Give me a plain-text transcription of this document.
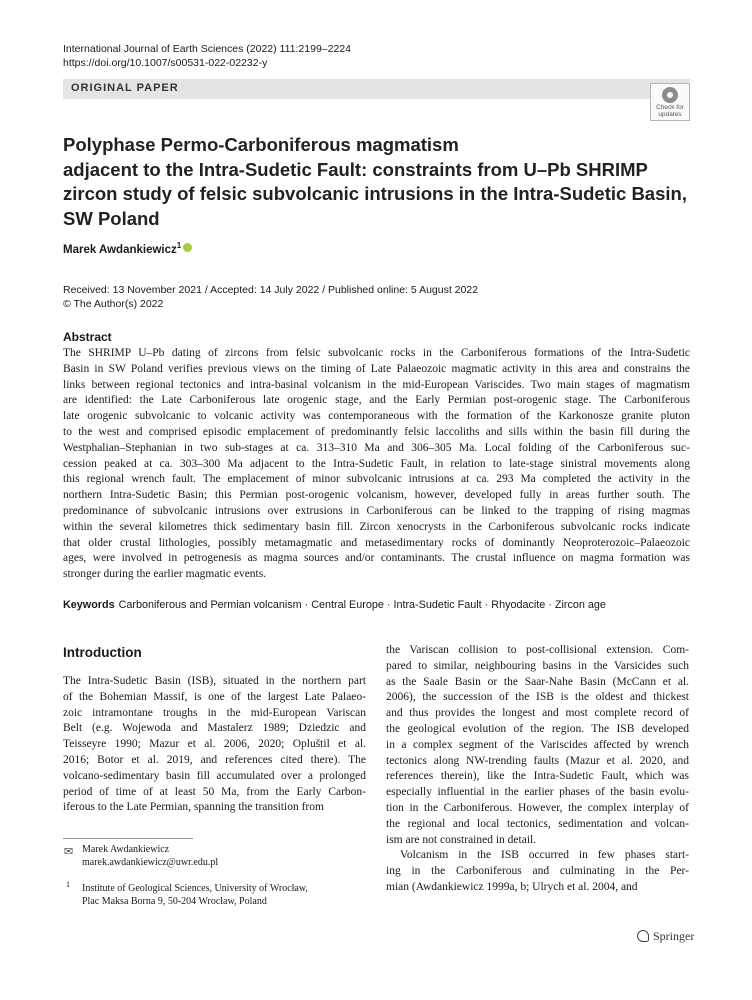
International Journal of Earth Sciences (2022) 111:2199–2224
https://doi.org/10.1007/s00531-022-02232-y
ORIGINAL PAPER
Check for
updates
Polyphase Permo-Carboniferous magmatism
adjacent to the Intra-Sudetic Fault: constraints from U–Pb SHRIMP
zircon study of felsic subvolcanic intrusions in the Intra-Sudetic Basin,
SW Poland
Marek Awdankiewicz$^1$
Received: 13 November 2021 / Accepted: 14 July 2022 / Published online: 5 August 2022
© The Author(s) 2022
Abstract
The SHRIMP U–Pb dating of zircons from felsic subvolcanic rocks in the Carboniferous formations of the Intra-Sudetic
Basin in SW Poland verifies previous views on the timing of Late Palaeozoic magmatic activity in this area and constrains the
links between regional tectonics and intra-basinal volcanism in the mid-European Variscides. Two main stages of magmatism
are identified: the Late Carboniferous late orogenic stage, and the Early Permian post-orogenic stage. The Carboniferous
late orogenic subvolcanic to volcanic activity was contemporaneous with the formation of the Karkonosze granite pluton
to the west and comprised episodic emplacement of predominantly felsic laccoliths and sills within the basin fill during the
Westphalian–Stephanian in two sub-stages at ca. 313–310 Ma and 306–305 Ma. Local folding of the Carboniferous suc-
cession peaked at ca. 303–300 Ma adjacent to the Intra-Sudetic Fault, in relation to late-stage sinistral movements along
this regional wrench fault. The emplacement of minor subvolcanic intrusions at ca. 293 Ma completed the activity in the
northern Intra-Sudetic Basin; this Permian post-orogenic volcanism, however, developed fully in areas further south. The
predominance of subvolcanic intrusions over extrusions in Carboniferous can be linked to the trapping of rising magmas
within the several kilometres thick sedimentary basin fill. Zircon xenocrysts in the Carboniferous subvolcanic rocks indicate
that older crustal lithologies, possibly metamagmatic and metasedimentary rocks of dominantly Neoproterozoic–Palaeozoic
ages, were involved in petrogenesis as magma sources and/or contaminants. The crustal influence on magma formation was
stronger during the earlier magmatic events.
Keywords Carboniferous and Permian volcanism · Central Europe · Intra-Sudetic Fault · Rhyodacite · Zircon age
Introduction
The Intra-Sudetic Basin (ISB), situated in the northern part
of the Bohemian Massif, is one of the largest Late Palaeo-
zoic intramontane troughs in the mid-European Variscan
Belt (e.g. Wojewoda and Mastalerz 1989; Dziedzic and
Teisseyre 1990; Mazur et al. 2006, 2020; Opluštil et al.
2016; Botor et al. 2019, and references cited there). The
volcano-sedimentary basin fill accumulated over a prolonged
period of time of at least 50 Ma, from the Early Carbon-
iferous to the Late Permian, spanning the transition from
the Variscan collision to post-collisional extension. Com-
pared to similar, neighbouring basins in the Varsicides such
as the Saale Basin or the Saar-Nahe Basin (McCann et al.
2006), the succession of the ISB is the oldest and thickest
and thus provides the longest and most complete record of
the geological evolution of the region. The ISB developed
in a complex segment of the Variscides affected by wrench
tectonics along NW-trending faults (Mazur et al. 2020, and
references therein), like the Intra-Sudetic Fault, which was
especially influential in the earlier phases of the basin evolu-
tion in the Carboniferous. However, the complex interplay of
the regional and local tectonics, sedimentation and volcan-
ism are not constrained in detail.
Volcanism in the ISB occurred in few phases start-
ing in the Carboniferous and culminating in the Per-
mian (Awdankiewicz 1999a, b; Ulrych et al. 2004, and
✉ Marek Awdankiewicz
marek.awdankiewicz@uwr.edu.pl
1 Institute of Geological Sciences, University of Wrocław,
Plac Maksa Borna 9, 50-204 Wrocław, Poland
Springer
